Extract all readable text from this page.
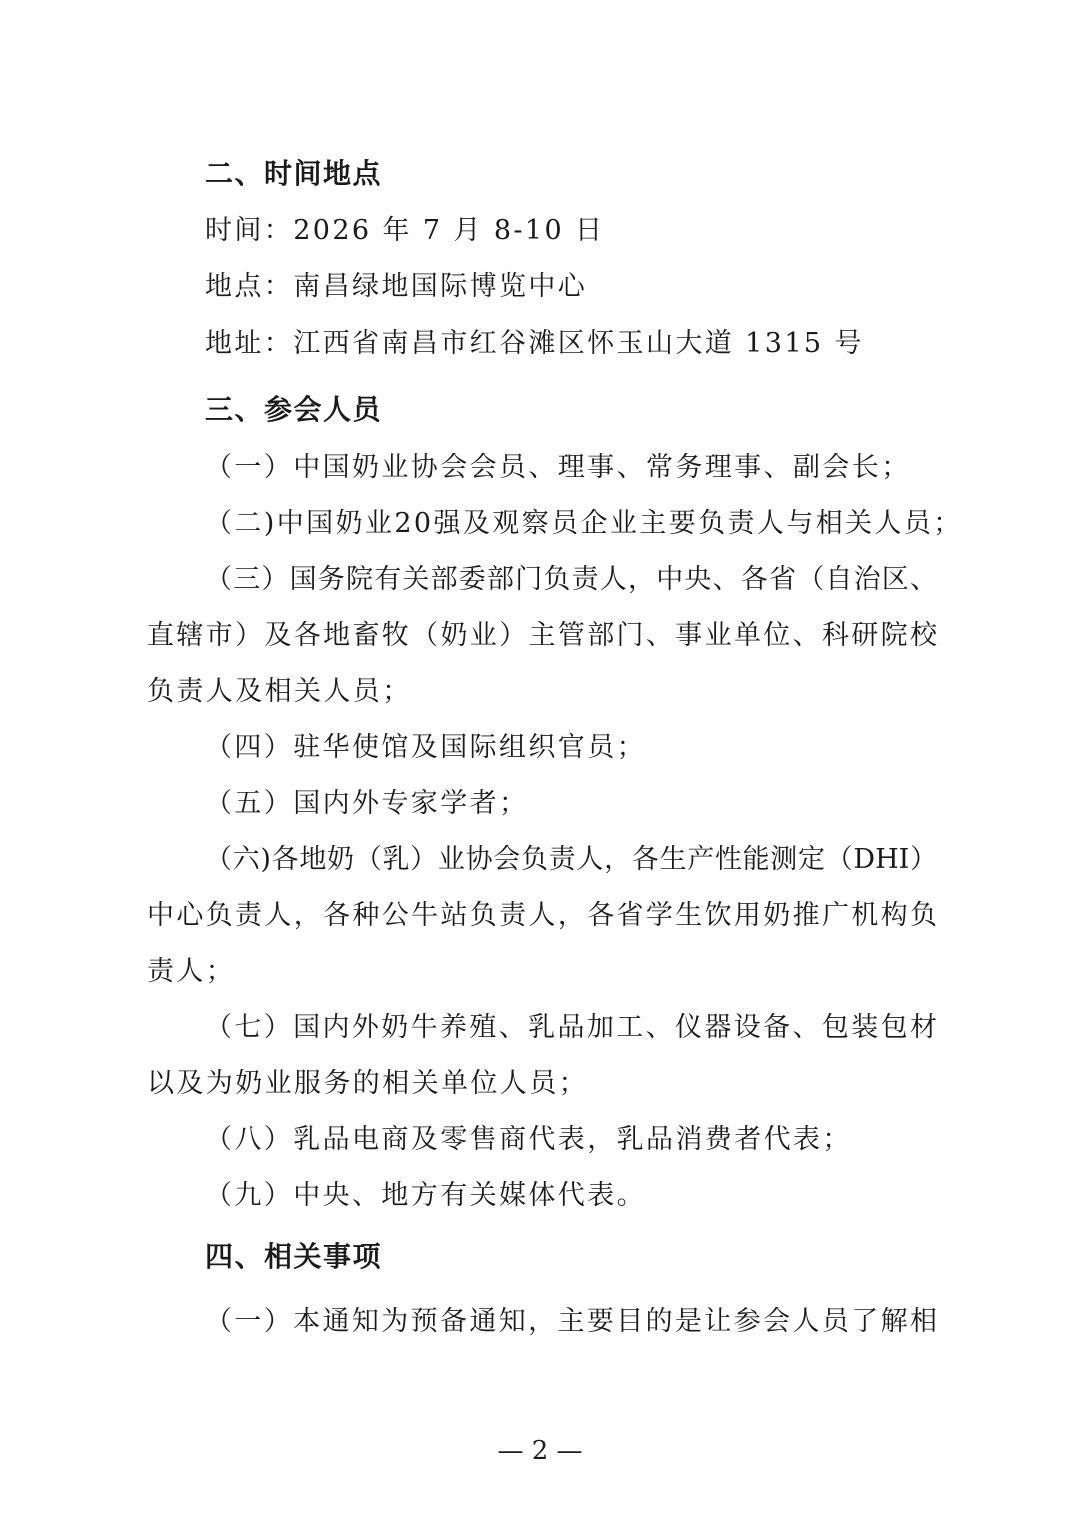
二、时间地点
时间：2026 年 7 月 8-10 日
地点：南昌绿地国际博览中心
地址：江西省南昌市红谷滩区怀玉山大道 1315 号
三、参会人员
（一）中国奶业协会会员、理事、常务理事、副会长；
（二)中国奶业20强及观察员企业主要负责人与相关人员；
（三）国务院有关部委部门负责人，中央、各省（自治区、
直辖市）及各地畜牧（奶业）主管部门、事业单位、科研院校
负责人及相关人员；
（四）驻华使馆及国际组织官员；
（五）国内外专家学者；
（六)各地奶（乳）业协会负责人，各生产性能测定（DHI）
中心负责人，各种公牛站负责人，各省学生饮用奶推广机构负
责人；
（七）国内外奶牛养殖、乳品加工、仪器设备、包装包材
以及为奶业服务的相关单位人员；
（八）乳品电商及零售商代表，乳品消费者代表；
（九）中央、地方有关媒体代表。
四、相关事项
（一）本通知为预备通知，主要目的是让参会人员了解相
— 2 —
